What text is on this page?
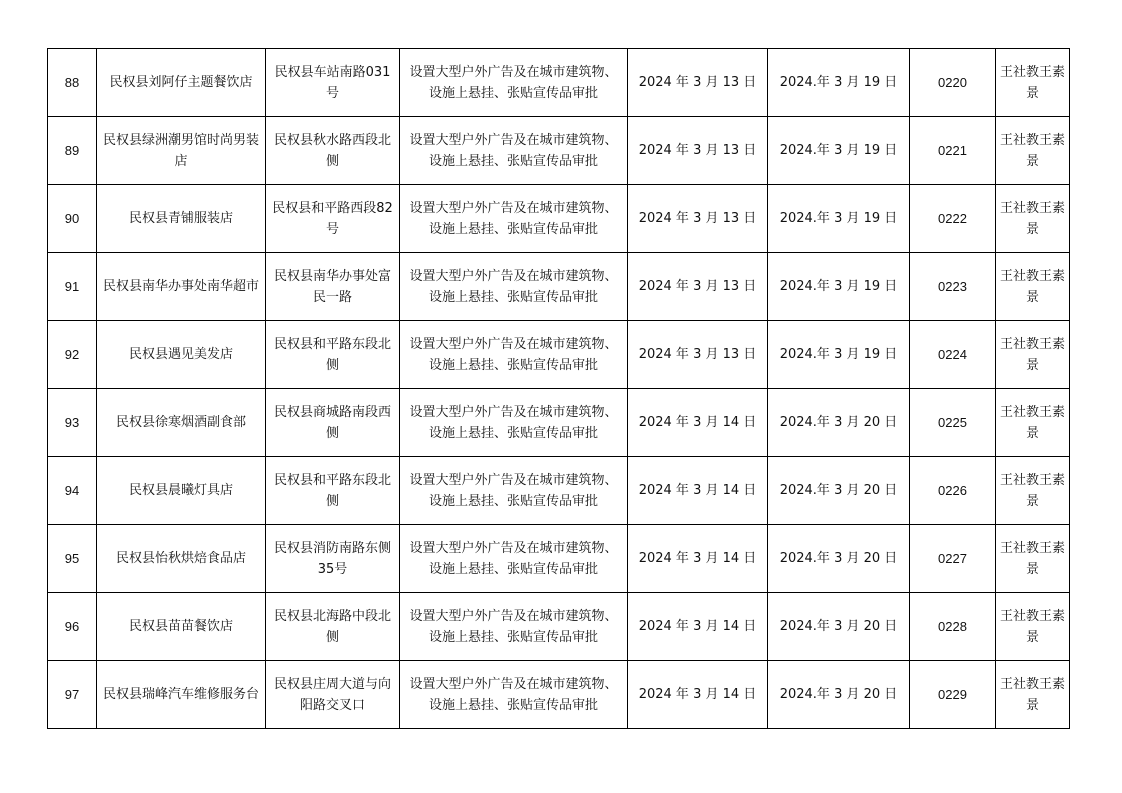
88	民权县刘阿仔主题餐饮店	民权县车站南路031号	设置大型户外广告及在城市建筑物、设施上悬挂、张贴宣传品审批	2024 年 3 月 13 日	2024.年 3 月 19 日	0220	王社教王素景
89	民权县绿洲潮男馆时尚男装店	民权县秋水路西段北侧	设置大型户外广告及在城市建筑物、设施上悬挂、张贴宣传品审批	2024 年 3 月 13 日	2024.年 3 月 19 日	0221	王社教王素景
90	民权县青铺服装店	民权县和平路西段82号	设置大型户外广告及在城市建筑物、设施上悬挂、张贴宣传品审批	2024 年 3 月 13 日	2024.年 3 月 19 日	0222	王社教王素景
91	民权县南华办事处南华超市	民权县南华办事处富民一路	设置大型户外广告及在城市建筑物、设施上悬挂、张贴宣传品审批	2024 年 3 月 13 日	2024.年 3 月 19 日	0223	王社教王素景
92	民权县遇见美发店	民权县和平路东段北侧	设置大型户外广告及在城市建筑物、设施上悬挂、张贴宣传品审批	2024 年 3 月 13 日	2024.年 3 月 19 日	0224	王社教王素景
93	民权县徐寒烟酒副食部	民权县商城路南段西侧	设置大型户外广告及在城市建筑物、设施上悬挂、张贴宣传品审批	2024 年 3 月 14 日	2024.年 3 月 20 日	0225	王社教王素景
94	民权县晨曦灯具店	民权县和平路东段北侧	设置大型户外广告及在城市建筑物、设施上悬挂、张贴宣传品审批	2024 年 3 月 14 日	2024.年 3 月 20 日	0226	王社教王素景
95	民权县怡秋烘焙食品店	民权县消防南路东侧35号	设置大型户外广告及在城市建筑物、设施上悬挂、张贴宣传品审批	2024 年 3 月 14 日	2024.年 3 月 20 日	0227	王社教王素景
96	民权县苗苗餐饮店	民权县北海路中段北侧	设置大型户外广告及在城市建筑物、设施上悬挂、张贴宣传品审批	2024 年 3 月 14 日	2024.年 3 月 20 日	0228	王社教王素景
97	民权县瑞峰汽车维修服务台	民权县庄周大道与向阳路交叉口	设置大型户外广告及在城市建筑物、设施上悬挂、张贴宣传品审批	2024 年 3 月 14 日	2024.年 3 月 20 日	0229	王社教王素景
